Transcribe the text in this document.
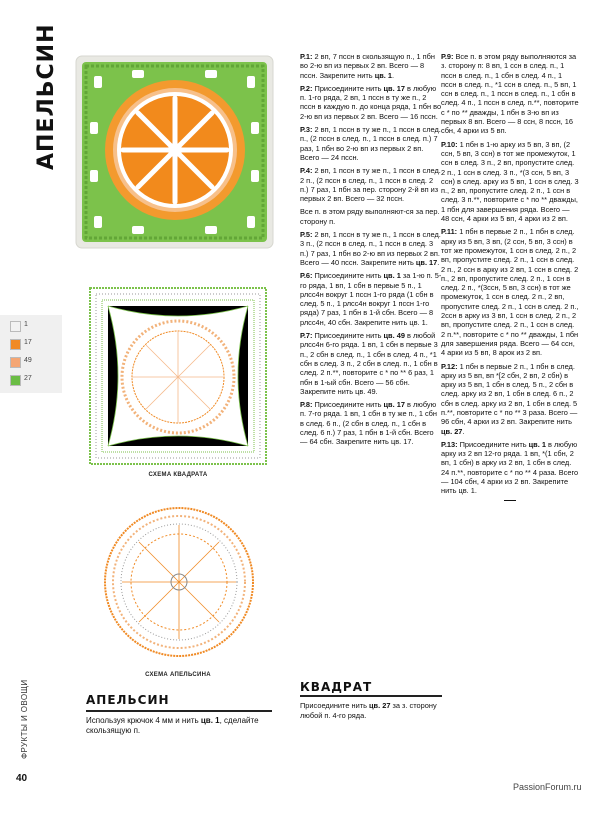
АПЕЛЬСИН
1
17
49
27
СХЕМА КВАДРАТА
СХЕМА АПЕЛЬСИНА
АПЕЛЬСИН
Используя крючок 4 мм и нить цв. 1, сделайте скользящую п.
ФРУКТЫ И ОВОЩИ
40

Р.1: 2 вп, 7 пссн в скользящую п., 1 пбн во 2-ю вп из первых 2 вп. Всего — 8 пссн. Закрепите нить цв. 1.

Р.2: Присоедините нить цв. 17 в любую п. 1-го ряда, 2 вп, 1 пссн в ту же п., 2 пссн в каждую п. до конца ряда, 1 пбн во 2-ю вп из первых 2 вп. Всего — 16 пссн.

Р.3: 2 вп, 1 пссн в ту же п., 1 пссн в след. п., (2 пссн в след. п., 1 пссн в след. п.) 7 раз, 1 пбн во 2-ю вп из первых 2 вп. Всего — 24 пссн.

Р.4: 2 вп, 1 пссн в ту же п., 1 пссн в след. 2 п., (2 пссн в след. п., 1 пссн в след. 2 п.) 7 раз, 1 пбн за пер. сторону 2-й вп из первых 2 вп. Всего — 32 пссн.

Все п. в этом ряду выполняют-ся за пер. сторону п.

Р.5: 2 вп, 1 пссн в ту же п., 1 пссн в след. 3 п., (2 пссн в след. п., 1 пссн в след. 3 п.) 7 раз, 1 пбн во 2-ю вп из первых 2 вп. Всего — 40 пссн. Закрепите нить цв. 17.

Р.6: Присоедините нить цв. 1 за 1-ю п. 5-го ряда, 1 вп, 1 сбн в первые 5 п., 1 рлсс4н вокруг 1 пссн 1-го ряда (1 сбн в след. 5 п., 1 рлсс4н вокруг 1 пссн 1-го ряда) 7 раз, 1 пбн в 1-й сбн. Всего — 8 рлсс4н, 40 сбн. Закрепите нить цв. 1.

Р.7: Присоедините нить цв. 49 в любой рлсс4н 6-го ряда. 1 вп, 1 сбн в первые 3 п., 2 сбн в след. п., 1 сбн в след. 4 п., *1 сбн в след. 3 п., 2 сбн в след. п., 1 сбн в след. 2 п.**, повторите с * по ** 6 раз, 1 пбн в 1-ый сбн. Всего — 56 сбн. Закрепите нить цв. 49.

Р.8: Присоедините нить цв. 17 в любую п. 7-го ряда. 1 вп, 1 сбн в ту же п., 1 сбн в след. 6 п., (2 сбн в след. п., 1 сбн в след. 6 п.) 7 раз, 1 пбн в 1-й сбн. Всего — 64 сбн. Закрепите нить цв. 17.

КВАДРАТ
Присоедините нить цв. 27 за з. сторону любой п. 4-го ряда.

Р.9: Все п. в этом ряду выполняются за з. сторону п: 8 вп, 1 ссн в след. п., 1 пссн в след. п., 1 сбн в след. 4 п., 1 пссн в след. п., *1 ссн в след. п., 5 вп, 1 ссн в след. п., 1 пссн в след. п., 1 сбн в след. 4 п., 1 пссн в след. п.**, повторите с * по ** дважды, 1 пбн в 3-ю вп из первых 8 вп. Всего — 8 ссн, 8 пссн, 16 сбн, 4 арки из 5 вп.

Р.10: 1 пбн в 1-ю арку из 5 вп, 3 вп, (2 ссн, 5 вп, 3 ссн) в тот же промежуток, 1 ссн в след. 3 п., 2 вп, пропустите след. 2 п., 1 ссн в след. 3 п., *(3 ссн, 5 вп, 3 ссн) в след. арку из 5 вп, 1 ссн в след. 3 п., 2 вп, пропустите след. 2 п., 1 ссн в след. 3 п.**, повторите с * по ** дважды, 1 пбн для завершения ряда. Всего — 48 ссн, 4 арки из 5 вп, 4 арки из 2 вп.

Р.11: 1 пбн в первые 2 п., 1 пбн в след. арку из 5 вп, 3 вп, (2 ссн, 5 вп, 3 ссн) в тот же промежуток, 1 ссн в след. 2 п., 2 вп, пропустите след. 2 п., 1 ссн в след. 2 п., 2 ссн в арку из 2 вп, 1 ссн в след. 2 п., 2 вп, пропустите след. 2 п., 1 ссн в след. 2 п., *(3ссн, 5 вп, 3 ссн) в тот же промежуток, 1 ссн в след. 2 п., 2 вп, пропустите след. 2 п., 1 ссн в след. 2 п., 2ссн в арку из 3 вп, 1 ссн в след. 2 п., 2 вп, пропустите след. 2 п., 1 ссн в след. 2 п.**, повторите с * по ** дважды, 1 пбн для завершения ряда. Всего — 64 ссн, 4 арки из 5 вп, 8 арок из 2 вп.

Р.12: 1 пбн в первые 2 п., 1 пбн в след. арку из 5 вп, вп *[2 сбн, 2 вп, 2 сбн) в арку из 5 вп, 1 сбн в след. 5 п., 2 сбн в след. арку из 2 вп, 1 сбн в след. 6 п., 2 сбн в след. арку из 2 вп, 1 сбн в след. 5 п.**, повторите с * по ** 3 раза. Всего — 96 сбн, 4 арки из 2 вп. Закрепите нить цв. 27.

Р.13: Присоедините нить цв. 1 в любую арку из 2 вп 12-го ряда. 1 вп, *(1 сбн, 2 вп, 1 сбн) в арку из 2 вп, 1 сбн в след. 24 п.**, повторите с * по ** 4 раза. Всего — 104 сбн, 4 арки из 2 вп. Закрепите нить цв. 1.

PassionForum.ru
